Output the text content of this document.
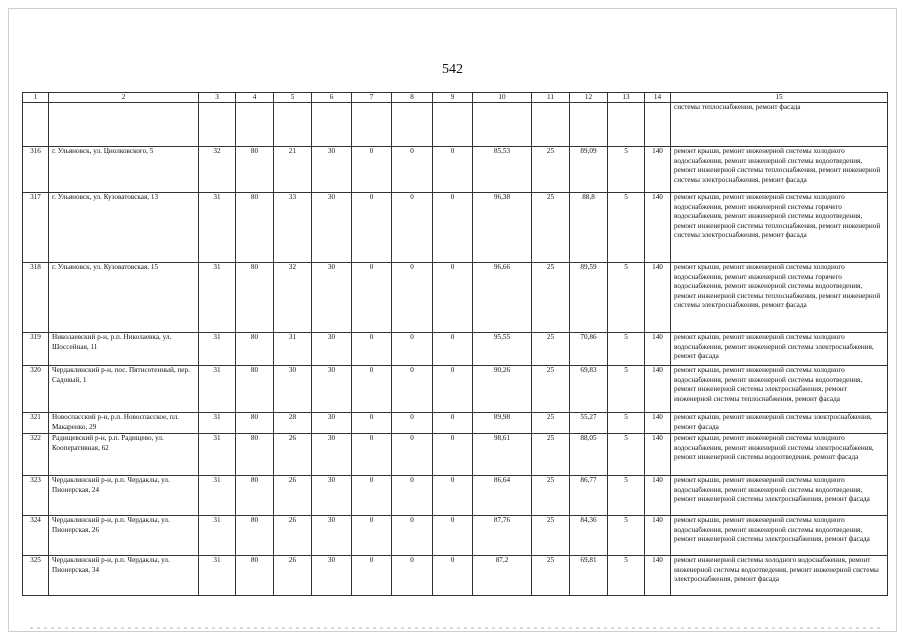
542
1	2	3	4	5	6	7	8	9	10	11	12	13	14	15
														системы теплоснабжения, ремонт фасада
316	г. Ульяновск, ул. Циолковского, 5	32	80	21	30	0	0	0	85,53	25	89,09	5	140	ремонт крыши, ремонт инженерной системы холодного водоснабжения, ремонт инженерной системы водоотведения, ремонт инженерной системы теплоснабжения, ремонт инженерной системы электроснабжения, ремонт фасада
317	г. Ульяновск, ул. Кузоватовская, 13	31	80	33	30	0	0	0	96,38	25	88,8	5	140	ремонт крыши, ремонт инженерной системы холодного водоснабжения, ремонт инженерной системы горячего водоснабжения, ремонт инженерной системы водоотведения, ремонт инженерной системы теплоснабжения, ремонт инженерной системы электроснабжения, ремонт фасада
318	г. Ульяновск, ул. Кузоватовская, 15	31	80	32	30	0	0	0	96,66	25	89,59	5	140	ремонт крыши, ремонт инженерной системы холодного водоснабжения, ремонт инженерной системы горячего водоснабжения, ремонт инженерной системы водоотведения, ремонт инженерной системы теплоснабжения, ремонт инженерной системы электроснабжения, ремонт фасада
319	Николаевский р-н, р.п. Николаевка, ул. Шоссейная, 11	31	80	31	30	0	0	0	95,55	25	70,86	5	140	ремонт крыши, ремонт инженерной системы холодного водоснабжения, ремонт инженерной системы электроснабжения, ремонт фасада
320	Чердаклинский р-н, пос. Пятисотенный, пер. Садовый, 1	31	80	30	30	0	0	0	90,26	25	69,83	5	140	ремонт крыши, ремонт инженерной системы холодного водоснабжения, ремонт инженерной системы водоотведения, ремонт инженерной системы электроснабжения, ремонт инженерной системы теплоснабжения, ремонт фасада
321	Новоспасский р-н, р.п. Новоспасское, пл. Макаренко, 29	31	80	28	30	0	0	0	89,98	25	55,27	5	140	ремонт крыши, ремонт инженерной системы электроснабжения, ремонт фасада
322	Радищевский р-н, р.п. Радищево, ул. Кооперативная, 62	31	80	26	30	0	0	0	98,61	25	88,05	5	140	ремонт крыши, ремонт инженерной системы холодного водоснабжения, ремонт инженерной системы электроснабжения, ремонт инженерной системы водоотведения, ремонт фасада
323	Чердаклинский р-н, р.п. Чердаклы, ул. Пионерская, 24	31	80	26	30	0	0	0	86,64	25	86,77	5	140	ремонт крыши, ремонт инженерной системы холодного водоснабжения, ремонт инженерной системы водоотведения, ремонт инженерной системы электроснабжения, ремонт фасада
324	Чердаклинский р-н, р.п. Чердаклы, ул. Пионерская, 26	31	80	26	30	0	0	0	87,76	25	84,36	5	140	ремонт крыши, ремонт инженерной системы холодного водоснабжения, ремонт инженерной системы водоотведения, ремонт инженерной системы электроснабжения, ремонт фасада
325	Чердаклинский р-н, р.п. Чердаклы, ул. Пионерская, 34	31	80	26	30	0	0	0	87,2	25	69,81	5	140	ремонт инженерной системы холодного водоснабжения, ремонт инженерной системы водоотведения, ремонт инженерной системы электроснабжения, ремонт фасада
